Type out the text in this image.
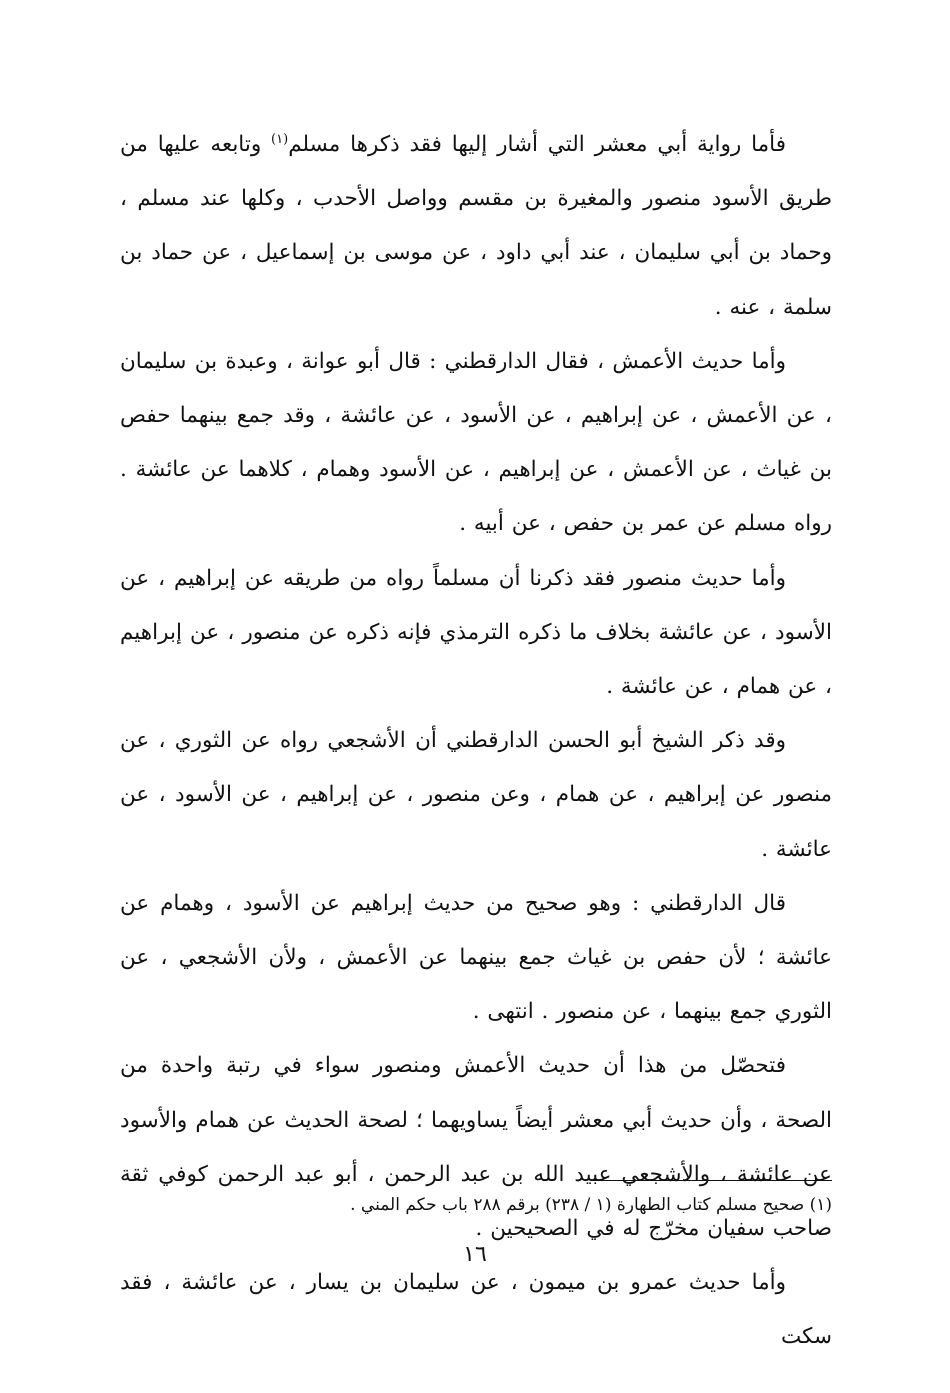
فأما رواية أبي معشر التي أشار إليها فقد ذكرها مسلم$^{(١)}$ وتابعه عليها من طريق الأسود منصور والمغيرة بن مقسم وواصل الأحدب ، وكلها عند مسلم ، وحماد بن أبي سليمان ، عند أبي داود ، عن موسى بن إسماعيل ، عن حماد بن سلمة ، عنه .

وأما حديث الأعمش ، فقال الدارقطني : قال أبو عوانة ، وعبدة بن سليمان ، عن الأعمش ، عن إبراهيم ، عن الأسود ، عن عائشة ، وقد جمع بينهما حفص بن غياث ، عن الأعمش ، عن إبراهيم ، عن الأسود وهمام ، كلاهما عن عائشة . رواه مسلم عن عمر بن حفص ، عن أبيه .

وأما حديث منصور فقد ذكرنا أن مسلماً رواه من طريقه عن إبراهيم ، عن الأسود ، عن عائشة بخلاف ما ذكره الترمذي فإنه ذكره عن منصور ، عن إبراهيم ، عن همام ، عن عائشة .

وقد ذكر الشيخ أبو الحسن الدارقطني أن الأشجعي رواه عن الثوري ، عن منصور عن إبراهيم ، عن همام ، وعن منصور ، عن إبراهيم ، عن الأسود ، عن عائشة .

قال الدارقطني : وهو صحيح من حديث إبراهيم عن الأسود ، وهمام عن عائشة ؛ لأن حفص بن غياث جمع بينهما عن الأعمش ، ولأن الأشجعي ، عن الثوري جمع بينهما ، عن منصور . انتهى .

فتحصّل من هذا أن حديث الأعمش ومنصور سواء في رتبة واحدة من الصحة ، وأن حديث أبي معشر أيضاً يساويهما ؛ لصحة الحديث عن همام والأسود عن عائشة ، والأشجعي عبيد الله بن عبد الرحمن ، أبو عبد الرحمن كوفي ثقة صاحب سفيان مخرّج له في الصحيحين .

وأما حديث عمرو بن ميمون ، عن سليمان بن يسار ، عن عائشة ، فقد سكت

(١) صحيح مسلم كتاب الطهارة (١ / ٢٣٨) برقم ٢٨٨ باب حكم المني .
١٦
